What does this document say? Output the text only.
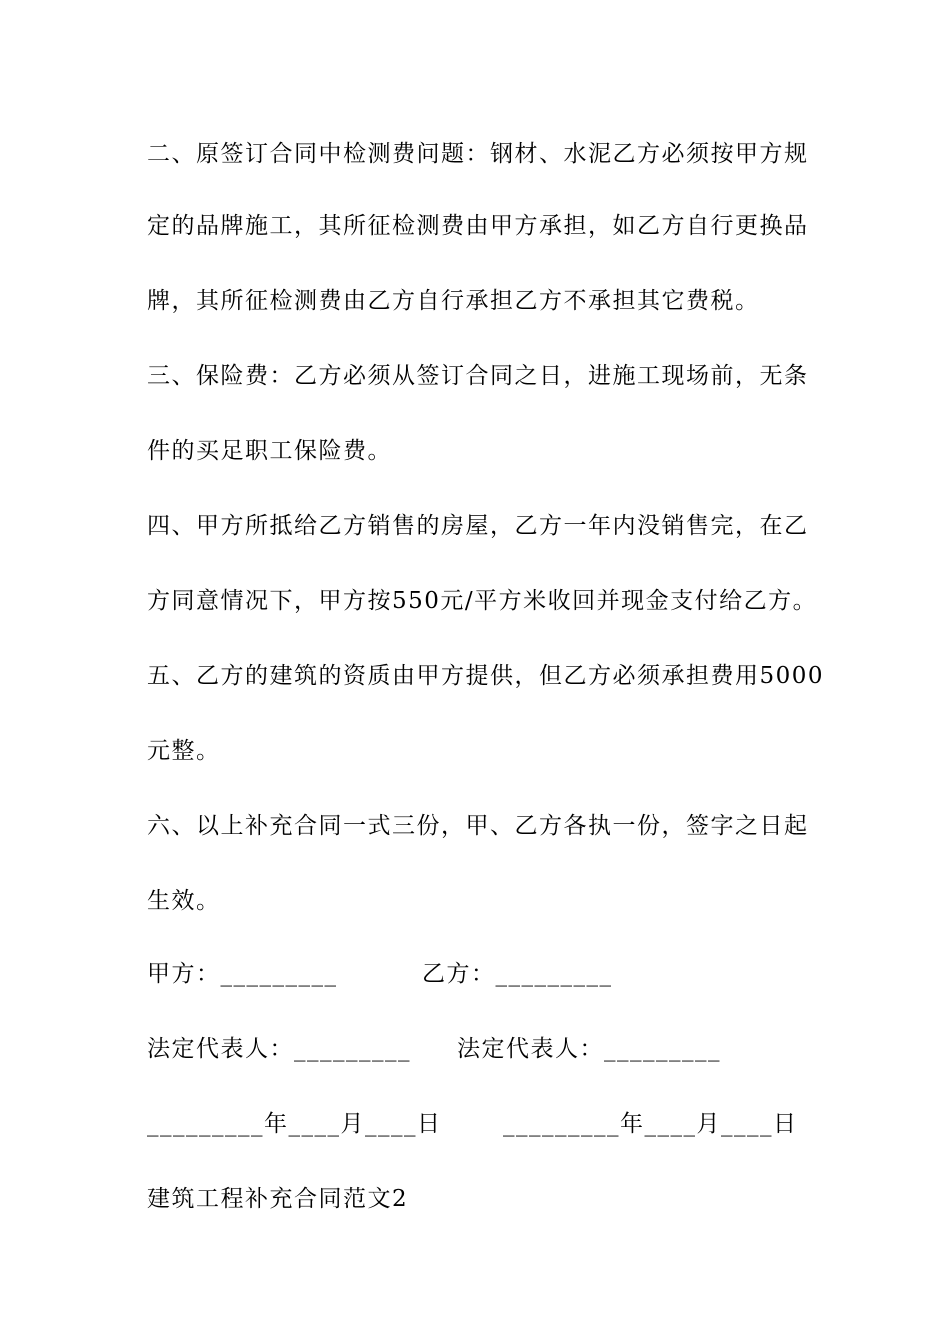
二、原签订合同中检测费问题：钢材、水泥乙方必须按甲方规
定的品牌施工，其所征检测费由甲方承担，如乙方自行更换品
牌，其所征检测费由乙方自行承担乙方不承担其它费税。
三、保险费：乙方必须从签订合同之日，进施工现场前，无条
件的买足职工保险费。
四、甲方所抵给乙方销售的房屋，乙方一年内没销售完，在乙
方同意情况下，甲方按550元/平方米收回并现金支付给乙方。
五、乙方的建筑的资质由甲方提供，但乙方必须承担费用5000
元整。
六、以上补充合同一式三份，甲、乙方各执一份，签字之日起
生效。
甲方：_________	乙方：_________
法定代表人：_________ 法定代表人：_________
_________年____月____日	_________年____月____日
建筑工程补充合同范文2
